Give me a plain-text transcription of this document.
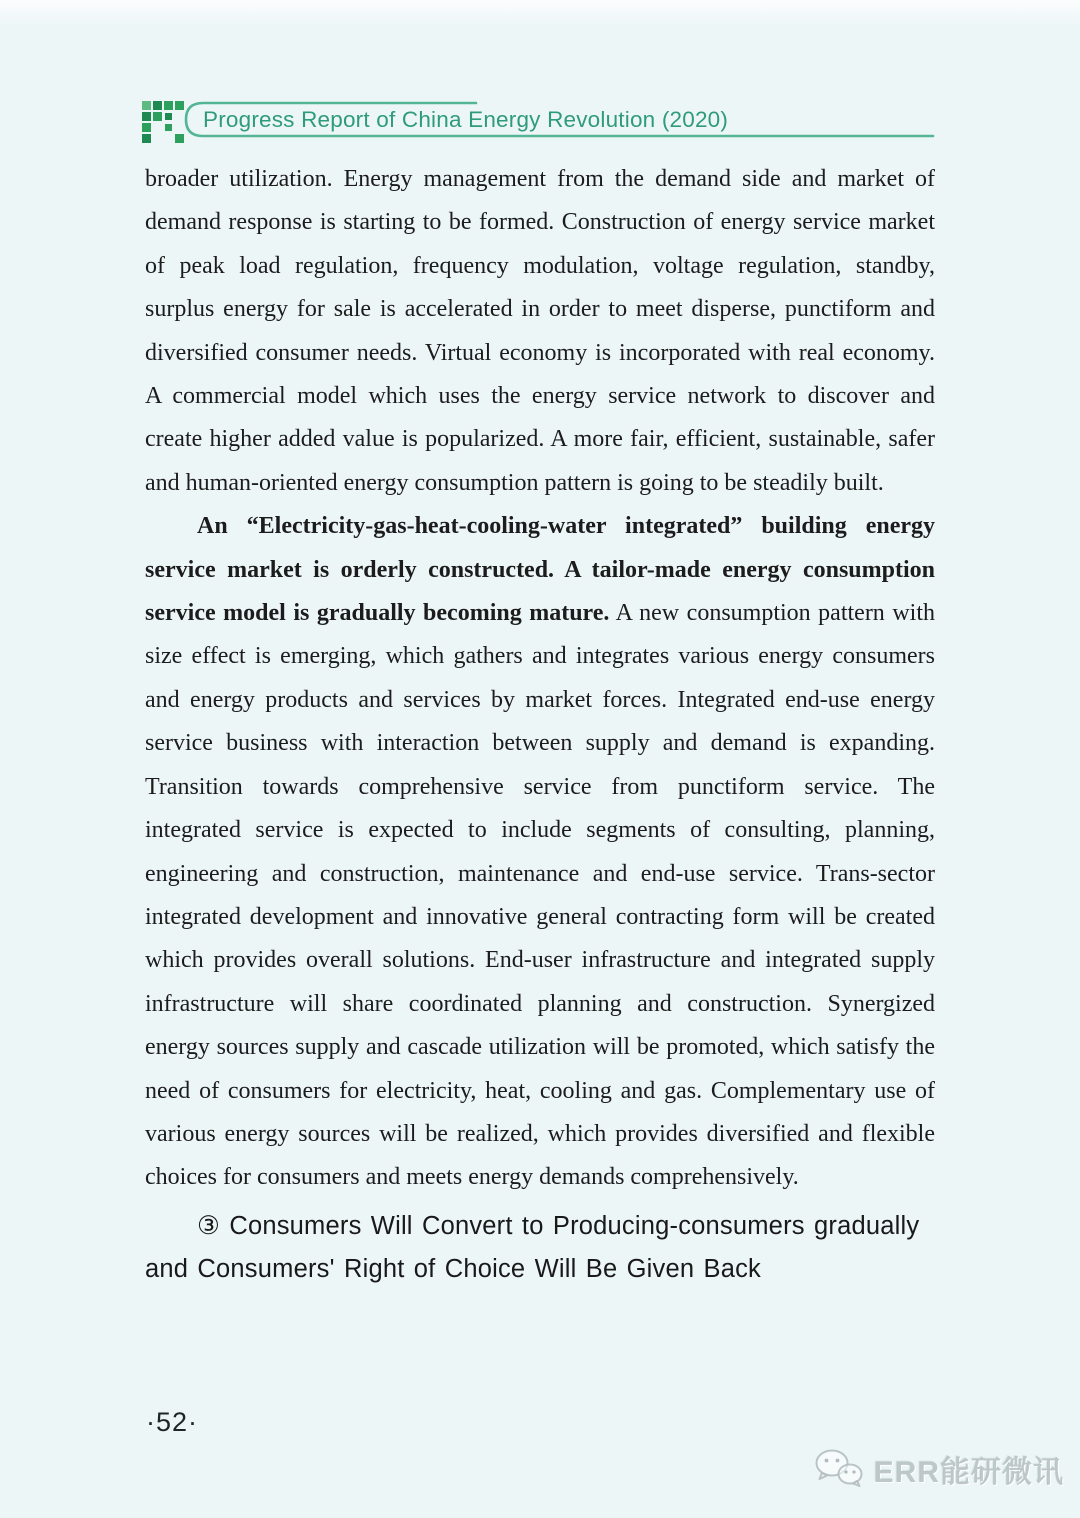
Progress Report of China Energy Revolution (2020)

broader utilization. Energy management from the demand side and market of demand response is starting to be formed. Construction of energy service market of peak load regulation, frequency modulation, voltage regulation, standby, surplus energy for sale is accelerated in order to meet disperse, punctiform and diversified consumer needs. Virtual economy is incorporated with real economy. A commercial model which uses the energy service network to discover and create higher added value is popularized. A more fair, efficient, sustainable, safer and human-oriented energy consumption pattern is going to be steadily built.

An “Electricity-gas-heat-cooling-water integrated” building energy service market is orderly constructed. A tailor-made energy consumption service model is gradually becoming mature. A new consumption pattern with size effect is emerging, which gathers and integrates various energy consumers and energy products and services by market forces. Integrated end-use energy service business with interaction between supply and demand is expanding. Transition towards comprehensive service from punctiform service. The integrated service is expected to include segments of consulting, planning, engineering and construction, maintenance and end-use service. Trans-sector integrated development and innovative general contracting form will be created which provides overall solutions. End-user infrastructure and integrated supply infrastructure will share coordinated planning and construction. Synergized energy sources supply and cascade utilization will be promoted, which satisfy the need of consumers for electricity, heat, cooling and gas. Complementary use of various energy sources will be realized, which provides diversified and flexible choices for consumers and meets energy demands comprehensively.

③ Consumers Will Convert to Producing-consumers gradually and Consumers' Right of Choice Will Be Given Back
·52·
ERR能研微讯
